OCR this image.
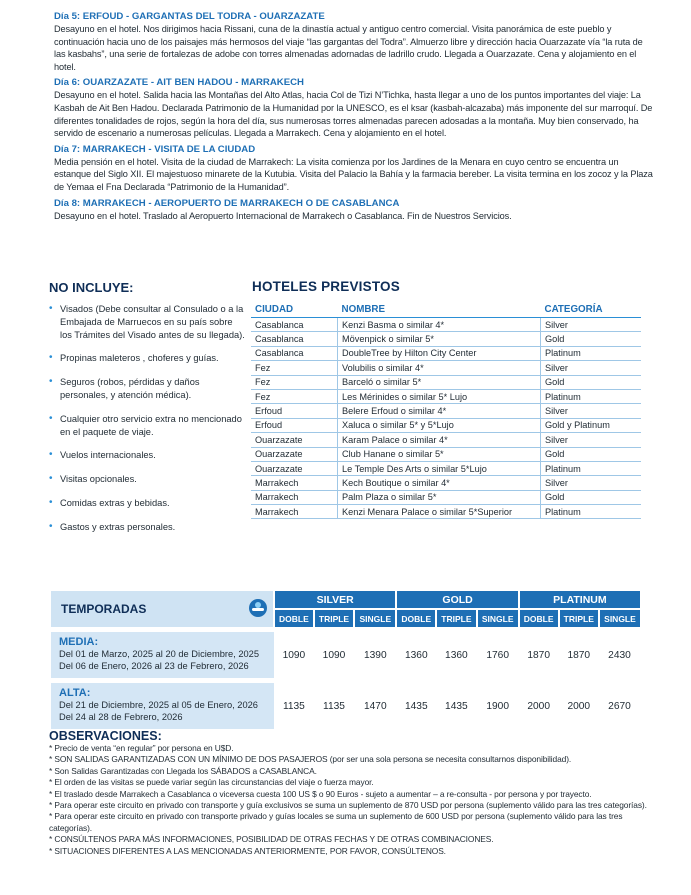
Día 5: ERFOUD - GARGANTAS DEL TODRA - OUARZAZATE

Desayuno en el hotel. Nos dirigimos hacia Rissani, cuna de la dinastía actual y antiguo centro comercial. Visita panorámica de este pueblo y continuación hacia uno de los paisajes más hermosos del viaje “las gargantas del Todra”. Almuerzo libre y dirección hacia Ouarzazate vía “la ruta de las kasbahs”, una serie de fortalezas de adobe con torres almenadas adornadas de ladrillo crudo. Llegada a Ouarzazate. Cena y alojamiento en el hotel.

Día 6: OUARZAZATE - AIT BEN HADOU - MARRAKECH

Desayuno en el hotel. Salida hacia las Montañas del Alto Atlas, hacia Col de Tizi N’Tichka, hasta llegar a uno de los puntos importantes del viaje: La Kasbah de Ait Ben Hadou. Declarada Patrimonio de la Humanidad por la UNESCO, es el ksar (kasbah-alcazaba) más imponente del sur marroquí. De diferentes tonalidades de rojos, según la hora del día, sus numerosas torres almenadas parecen adosadas a la montaña. Muy bien conservado, ha servido de escenario a numerosas películas. Llegada a Marrakech. Cena y alojamiento en el hotel.

Día 7: MARRAKECH - VISITA DE LA CIUDAD

Media pensión en el hotel. Visita de la ciudad de Marrakech: La visita comienza por los Jardines de la Menara en cuyo centro se encuentra un estanque del Siglo XII. El majestuoso minarete de la Kutubia. Visita del Palacio la Bahía y la farmacia bereber. La visita termina en los zocoz y la Plaza de Yemaa el Fna Declarada “Patrimonio de la Humanidad”.

Día 8: MARRAKECH - AEROPUERTO DE MARRAKECH O DE CASABLANCA

Desayuno en el hotel. Traslado al Aeropuerto Internacional de Marrakech o Casablanca. Fin de Nuestros Servicios.

NO INCLUYE:
• Visados (Debe consultar al Consulado o a la Embajada de Marruecos en su país sobre los Trámites del Visado antes de su llegada).
• Propinas maleteros , choferes y guías.
• Seguros (robos, pérdidas y daños personales, y atención médica).
• Cualquier otro servicio extra no mencionado en el paquete de viaje.
• Vuelos internacionales.
• Visitas opcionales.
• Comidas extras y bebidas.
• Gastos y extras personales.
HOTELES PREVISTOS
CIUDAD	NOMBRE	CATEGORÍA
Casablanca	Kenzi Basma o similar 4*	Silver
Casablanca	Mövenpick o similar 5*	Gold
Casablanca	DoubleTree by Hilton City Center	Platinum
Fez	Volubilis o similar 4*	Silver
Fez	Barceló o similar 5*	Gold
Fez	Les Mérinides o similar 5* Lujo	Platinum
Erfoud	Belere Erfoud o similar 4*	Silver
Erfoud	Xaluca o similar 5* y 5*Lujo	Gold y Platinum
Ouarzazate	Karam Palace o similar 4*	Silver
Ouarzazate	Club Hanane o similar 5*	Gold
Ouarzazate	Le Temple Des Arts o similar 5*Lujo	Platinum
Marrakech	Kech Boutique o similar 4*	Silver
Marrakech	Palm Plaza o similar 5*	Gold
Marrakech	Kenzi Menara Palace o similar 5*Superior	Platinum
TEMPORADAS	SILVER			GOLD			PLATINUM		
	DOBLE	TRIPLE	SINGLE	DOBLE	TRIPLE	SINGLE	DOBLE	TRIPLE	SINGLE

MEDIA:
Del 01 de Marzo, 2025 al 20 de Diciembre, 2025
Del 06 de Enero, 2026 al 23 de Febrero, 2026	1090	1090	1390	1360	1360	1760	1870	1870	2430

ALTA:
Del 21 de Diciembre, 2025 al 05 de Enero, 2026
Del 24 al 28 de Febrero, 2026	1135	1135	1470	1435	1435	1900	2000	2000	2670
OBSERVACIONES:
* Precio de venta “en regular” por persona en U$D.
* SON SALIDAS GARANTIZADAS CON UN MÍNIMO DE DOS PASAJEROS (por ser una sola persona se necesita consultarnos disponibilidad).
* Son Salidas Garantizadas con Llegada los SÁBADOS a CASABLANCA.
* El orden de las visitas se puede variar según las circunstancias del viaje o fuerza mayor.
* El traslado desde Marrakech a Casablanca o viceversa cuesta 100 US $ o 90 Euros - sujeto a aumentar – a re-consulta - por persona y por trayecto.
* Para operar este circuito en privado con transporte y guía exclusivos se suma un suplemento de 870 USD por persona (suplemento válido para las tres categorías).
* Para operar este circuito en privado con transporte privado y guías locales se suma un suplemento de 600 USD por persona (suplemento válido para las tres categorías).
* CONSÚLTENOS PARA MÁS INFORMACIONES, POSIBILIDAD DE OTRAS FECHAS Y DE OTRAS COMBINACIONES.
* SITUACIONES DIFERENTES A LAS MENCIONADAS ANTERIORMENTE, POR FAVOR, CONSÚLTENOS.
